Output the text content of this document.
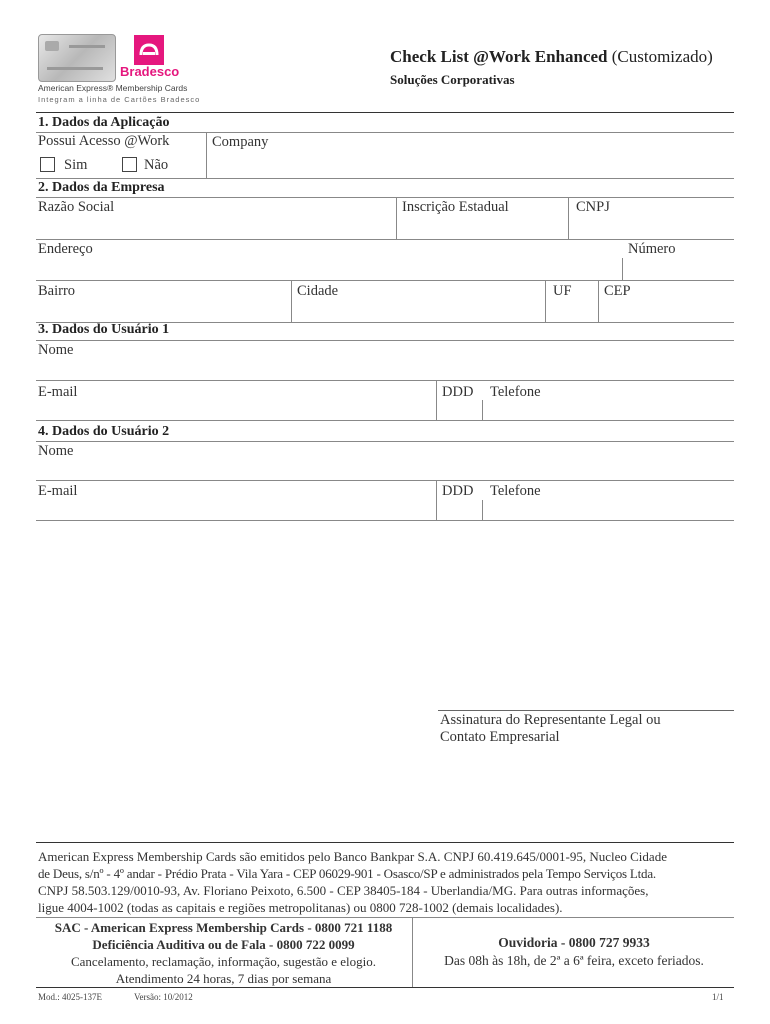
Bradesco
American Express® Membership Cards
Integram a linha de Cartões Bradesco
Check List @Work Enhanced (Customizado)
Soluções Corporativas
1. Dados da Aplicação
Possui Acesso @Work	Company
Sim	Não
2. Dados da Empresa
Razão Social	Inscrição Estadual	CNPJ
Endereço	Número
Bairro	Cidade	UF CEP
3. Dados do Usuário 1
Nome
E-mail	DDD Telefone
4. Dados do Usuário 2
Nome
E-mail	DDD Telefone
Assinatura do Representante Legal ou
Contato Empresarial
American Express Membership Cards são emitidos pelo Banco Bankpar S.A. CNPJ 60.419.645/0001-95, Nucleo Cidade
de Deus, s/nº - 4º andar - Prédio Prata - Vila Yara - CEP 06029-901 - Osasco/SP e administrados pela Tempo Serviços Ltda.
CNPJ 58.503.129/0010-93, Av. Floriano Peixoto, 6.500 - CEP 38405-184 - Uberlandia/MG. Para outras informações,
ligue 4004-1002 (todas as capitais e regiões metropolitanas) ou 0800 728-1002 (demais localidades).
SAC - American Express Membership Cards - 0800 721 1188
Deficiência Auditiva ou de Fala - 0800 722 0099
Cancelamento, reclamação, informação, sugestão e elogio.
Atendimento 24 horas, 7 dias por semana
Ouvidoria - 0800 727 9933
Das 08h às 18h, de 2ª a 6ª feira, exceto feriados.
Mod.: 4025-137E	Versão: 10/2012	1/1
